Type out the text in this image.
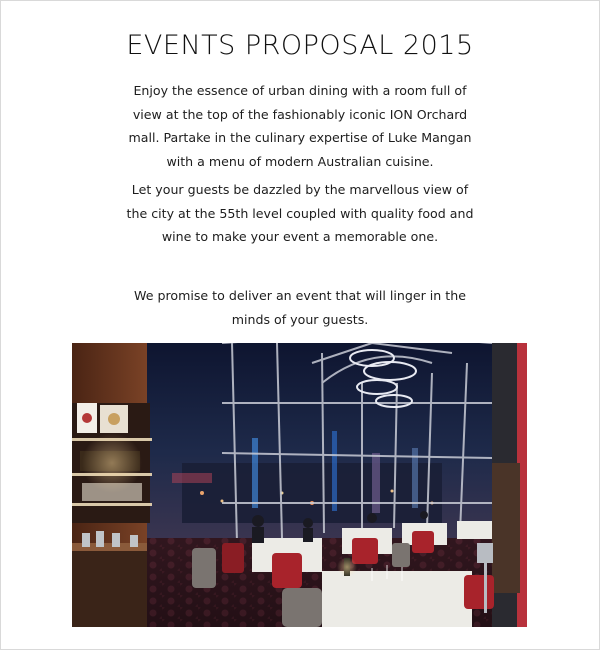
EVENTS PROPOSAL 2015

Enjoy the essence of urban dining with a room full of view at the top of the fashionably iconic ION Orchard mall. Partake in the culinary expertise of Luke Mangan with a menu of modern Australian cuisine.

Let your guests be dazzled by the marvellous view of the city at the 55th level coupled with quality food and wine to make your event a memorable one.

We promise to deliver an event that will linger in the minds of your guests.
